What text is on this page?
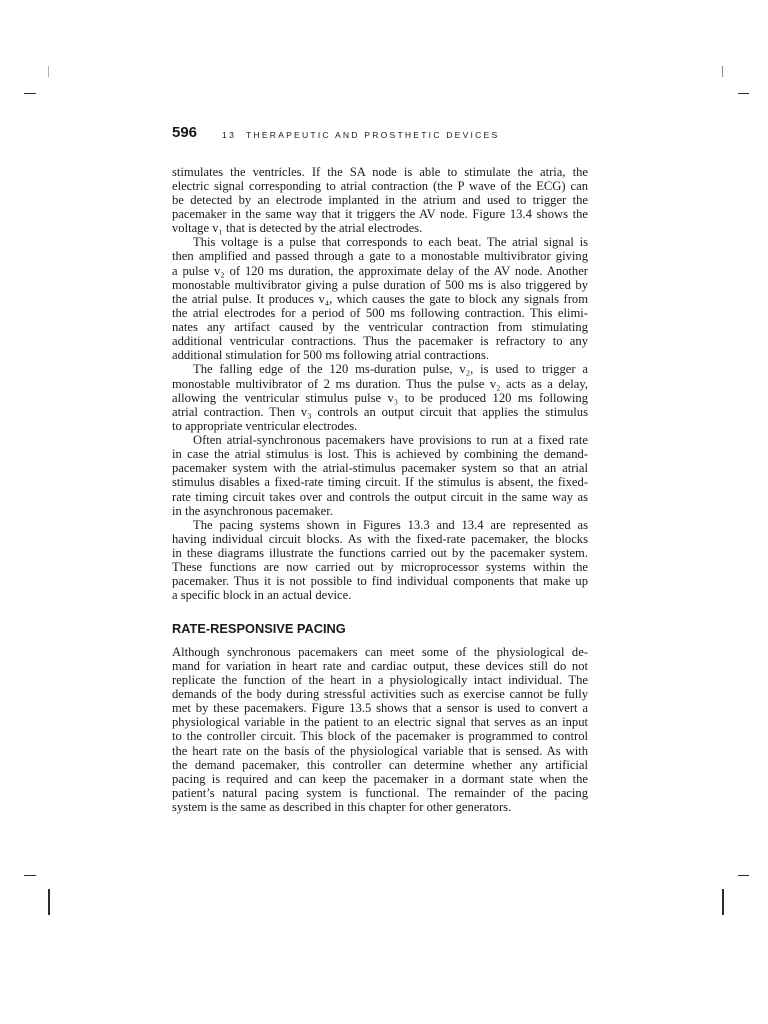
596	13 THERAPEUTIC AND PROSTHETIC DEVICES
stimulates the ventricles. If the SA node is able to stimulate the atria, the
electric signal corresponding to atrial contraction (the P wave of the ECG) can
be detected by an electrode implanted in the atrium and used to trigger the
pacemaker in the same way that it triggers the AV node. Figure 13.4 shows the
voltage v₁ that is detected by the atrial electrodes.
This voltage is a pulse that corresponds to each beat. The atrial signal is
then amplified and passed through a gate to a monostable multivibrator giving
a pulse v₂ of 120 ms duration, the approximate delay of the AV node. Another
monostable multivibrator giving a pulse duration of 500 ms is also triggered by
the atrial pulse. It produces v₄, which causes the gate to block any signals from
the atrial electrodes for a period of 500 ms following contraction. This elimi-
nates any artifact caused by the ventricular contraction from stimulating
additional ventricular contractions. Thus the pacemaker is refractory to any
additional stimulation for 500 ms following atrial contractions.
The falling edge of the 120 ms-duration pulse, v₂, is used to trigger a
monostable multivibrator of 2 ms duration. Thus the pulse v₂ acts as a delay,
allowing the ventricular stimulus pulse v₃ to be produced 120 ms following
atrial contraction. Then v₃ controls an output circuit that applies the stimulus
to appropriate ventricular electrodes.
Often atrial-synchronous pacemakers have provisions to run at a fixed rate
in case the atrial stimulus is lost. This is achieved by combining the demand-
pacemaker system with the atrial-stimulus pacemaker system so that an atrial
stimulus disables a fixed-rate timing circuit. If the stimulus is absent, the fixed-
rate timing circuit takes over and controls the output circuit in the same way as
in the asynchronous pacemaker.
The pacing systems shown in Figures 13.3 and 13.4 are represented as
having individual circuit blocks. As with the fixed-rate pacemaker, the blocks
in these diagrams illustrate the functions carried out by the pacemaker system.
These functions are now carried out by microprocessor systems within the
pacemaker. Thus it is not possible to find individual components that make up
a specific block in an actual device.
RATE-RESPONSIVE PACING
Although synchronous pacemakers can meet some of the physiological de-
mand for variation in heart rate and cardiac output, these devices still do not
replicate the function of the heart in a physiologically intact individual. The
demands of the body during stressful activities such as exercise cannot be fully
met by these pacemakers. Figure 13.5 shows that a sensor is used to convert a
physiological variable in the patient to an electric signal that serves as an input
to the controller circuit. This block of the pacemaker is programmed to control
the heart rate on the basis of the physiological variable that is sensed. As with
the demand pacemaker, this controller can determine whether any artificial
pacing is required and can keep the pacemaker in a dormant state when the
patient’s natural pacing system is functional. The remainder of the pacing
system is the same as described in this chapter for other generators.
